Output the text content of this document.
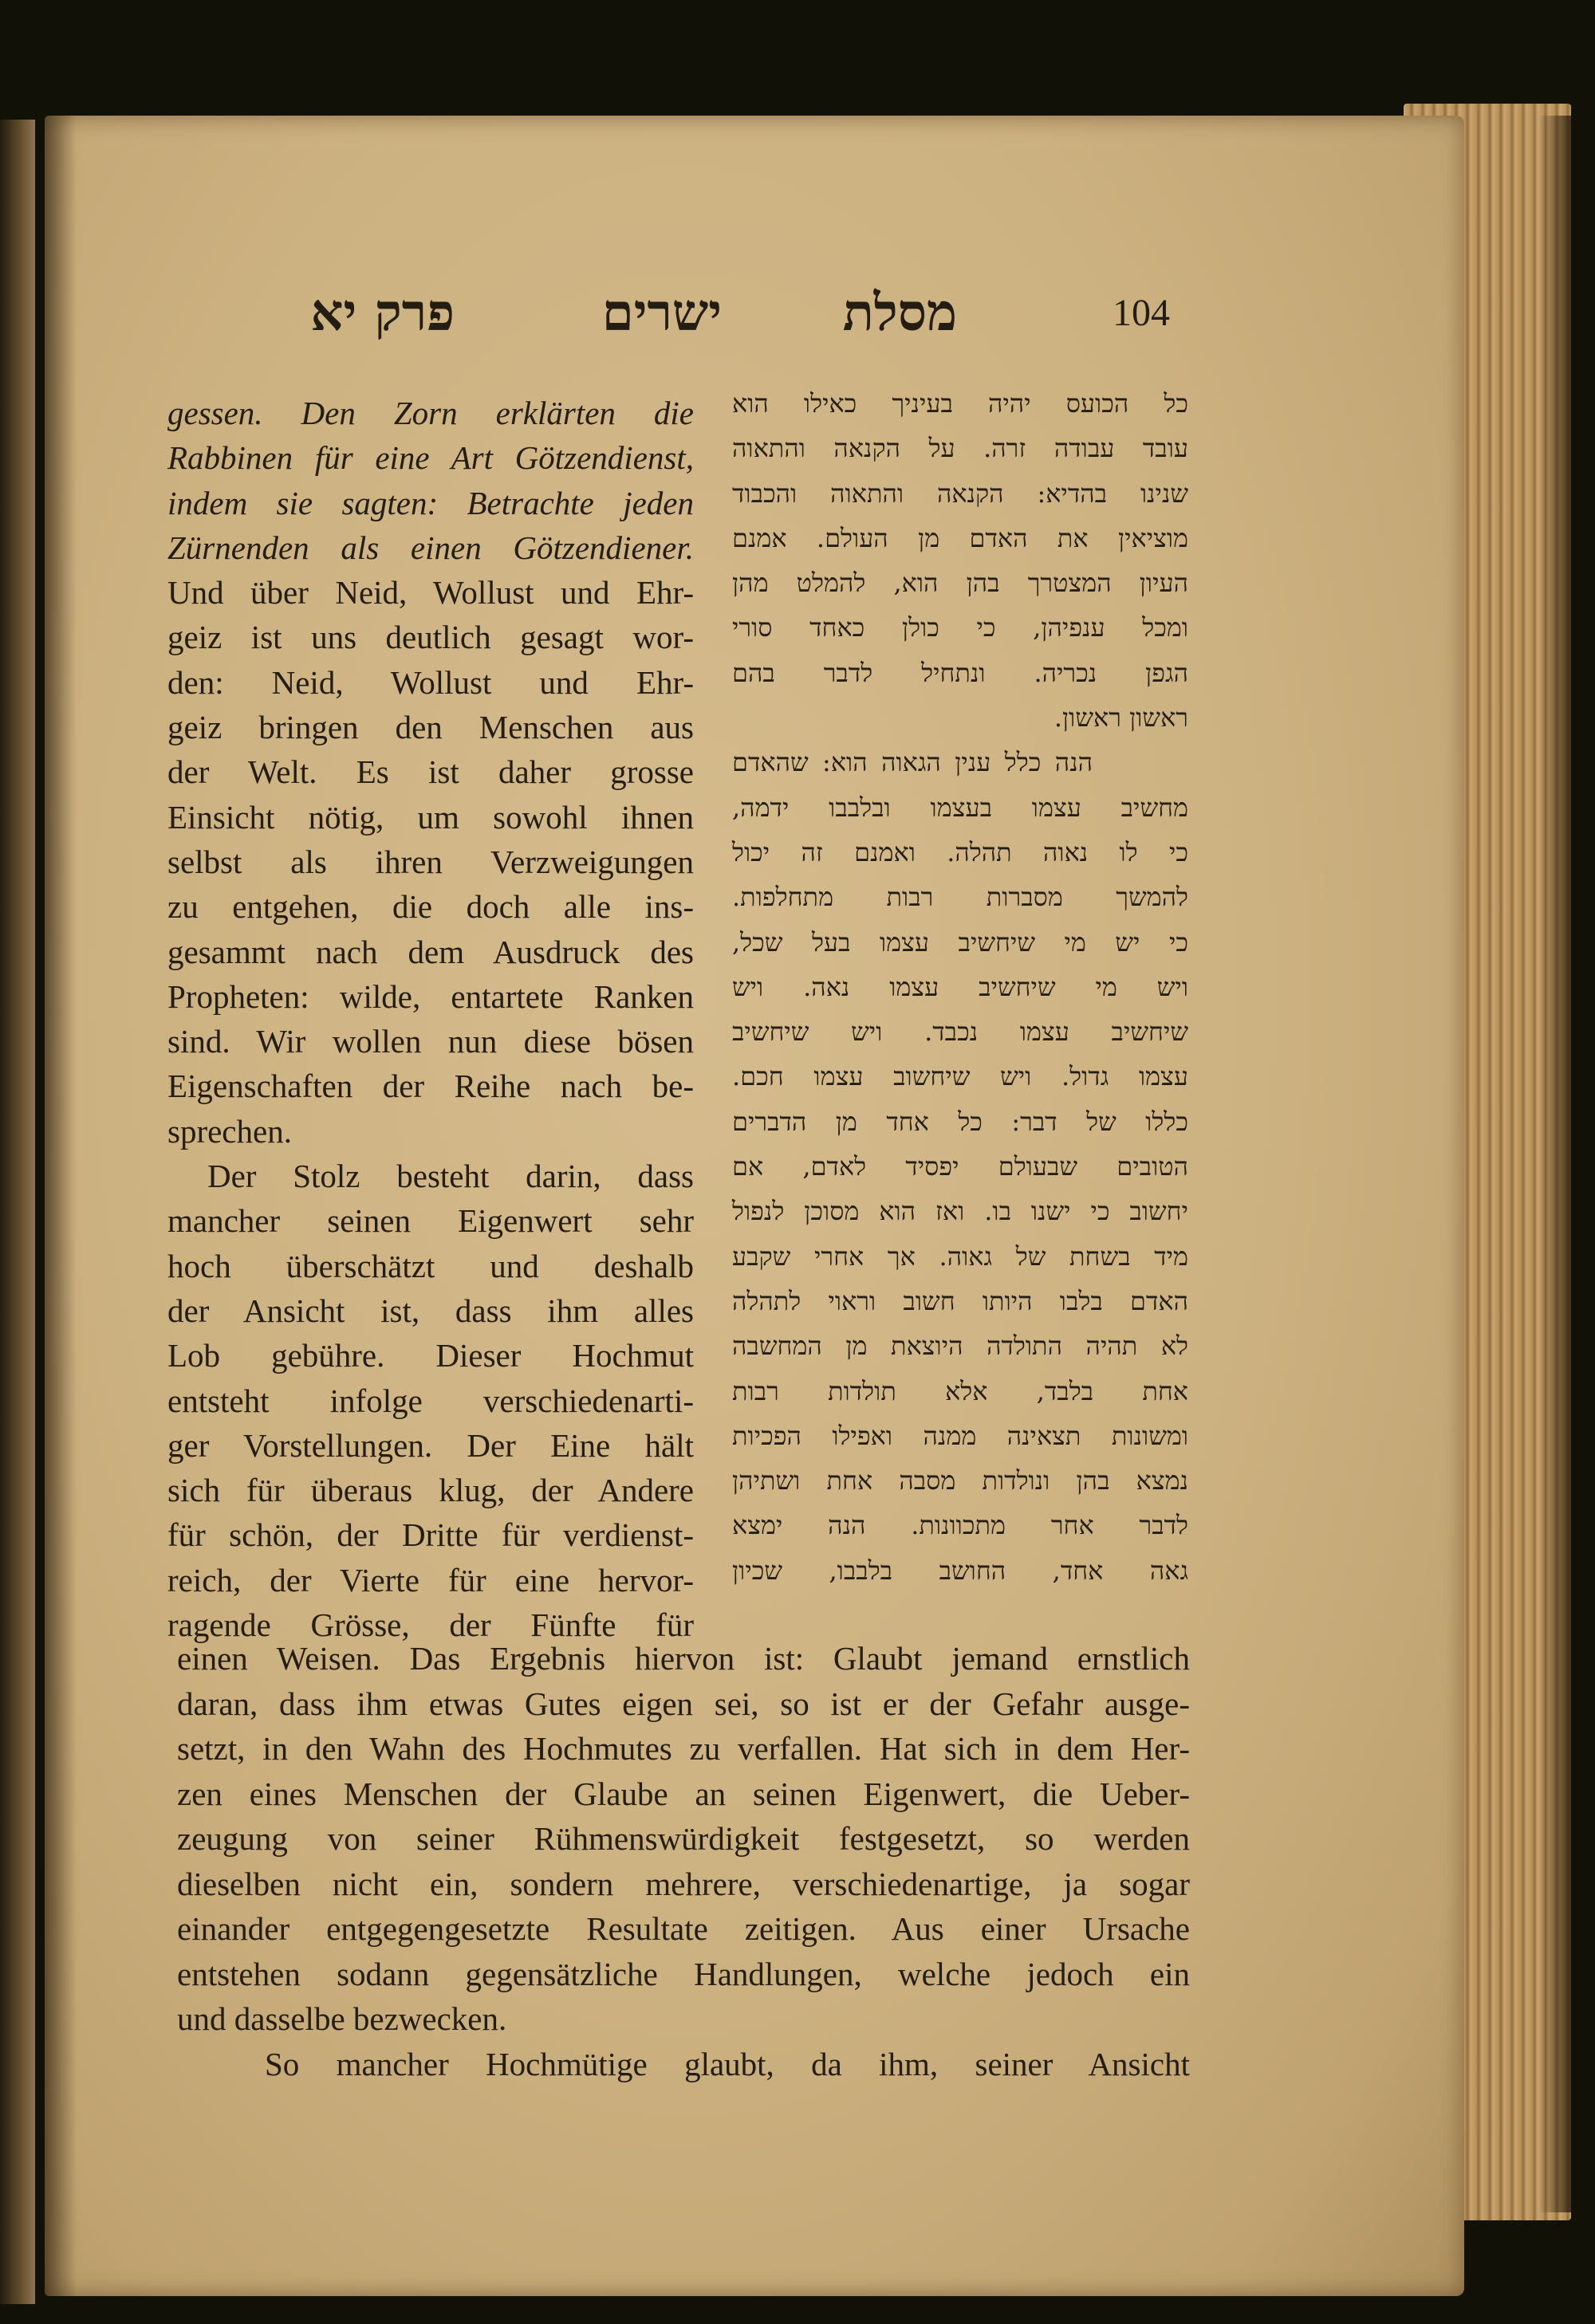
104
מסלת
ישרים
פרק יא
gessen. Den Zorn erklärten die
Rabbinen für eine Art Götzendienst,
indem sie sagten: Betrachte jeden
Zürnenden als einen Götzendiener.
Und über Neid, Wollust und Ehr-
geiz ist uns deutlich gesagt wor-
den: Neid, Wollust und Ehr-
geiz bringen den Menschen aus
der Welt. Es ist daher grosse
Einsicht nötig, um sowohl ihnen
selbst als ihren Verzweigungen
zu entgehen, die doch alle ins-
gesammt nach dem Ausdruck des
Propheten: wilde, entartete Ranken
sind. Wir wollen nun diese bösen
Eigenschaften der Reihe nach be-
sprechen.
Der Stolz besteht darin, dass
mancher seinen Eigenwert sehr
hoch überschätzt und deshalb
der Ansicht ist, dass ihm alles
Lob gebühre. Dieser Hochmut
entsteht infolge verschiedenarti-
ger Vorstellungen. Der Eine hält
sich für überaus klug, der Andere
für schön, der Dritte für verdienst-
reich, der Vierte für eine hervor-
ragende Grösse, der Fünfte für
כל הכועס יהיה בעיניך כאילו הוא
עובד עבודה זרה. על הקנאה והתאוה
שנינו בהדיא: הקנאה והתאוה והכבוד
מוציאין את האדם מן העולם. אמנם
העיון המצטרך בהן הוא, להמלט מהן
ומכל ענפיהן, כי כולן כאחד סורי
הגפן נכריה. ונתחיל לדבר בהם
ראשון ראשון.
הנה כלל ענין הגאוה הוא: שהאדם
מחשיב עצמו בעצמו ובלבבו ידמה,
כי לו נאוה תהלה. ואמנם זה יכול
להמשך מסברות רבות מתחלפות.
כי יש מי שיחשיב עצמו בעל שכל,
ויש מי שיחשיב עצמו נאה. ויש
שיחשיב עצמו נכבד. ויש שיחשיב
עצמו גדול. ויש שיחשוב עצמו חכם.
כללו של דבר: כל אחד מן הדברים
הטובים שבעולם יפסיד לאדם, אם
יחשוב כי ישנו בו. ואז הוא מסוכן לנפול
מיד בשחת של גאוה. אך אחרי שקבע
האדם בלבו היותו חשוב וראוי לתהלה
לא תהיה התולדה היוצאת מן המחשבה
אחת בלבד, אלא תולדות רבות
ומשונות תצאינה ממנה ואפילו הפכיות
נמצא בהן ונולדות מסבה אחת ושתיהן
לדבר אחר מתכוונות. הנה ימצא
גאה אחד, החושב בלבבו, שכיון
einen Weisen. Das Ergebnis hiervon ist: Glaubt jemand ernstlich
daran, dass ihm etwas Gutes eigen sei, so ist er der Gefahr ausge-
setzt, in den Wahn des Hochmutes zu verfallen. Hat sich in dem Her-
zen eines Menschen der Glaube an seinen Eigenwert, die Ueber-
zeugung von seiner Rühmenswürdigkeit festgesetzt, so werden
dieselben nicht ein, sondern mehrere, verschiedenartige, ja sogar
einander entgegengesetzte Resultate zeitigen. Aus einer Ursache
entstehen sodann gegensätzliche Handlungen, welche jedoch ein
und dasselbe bezwecken.
So mancher Hochmütige glaubt, da ihm, seiner Ansicht
